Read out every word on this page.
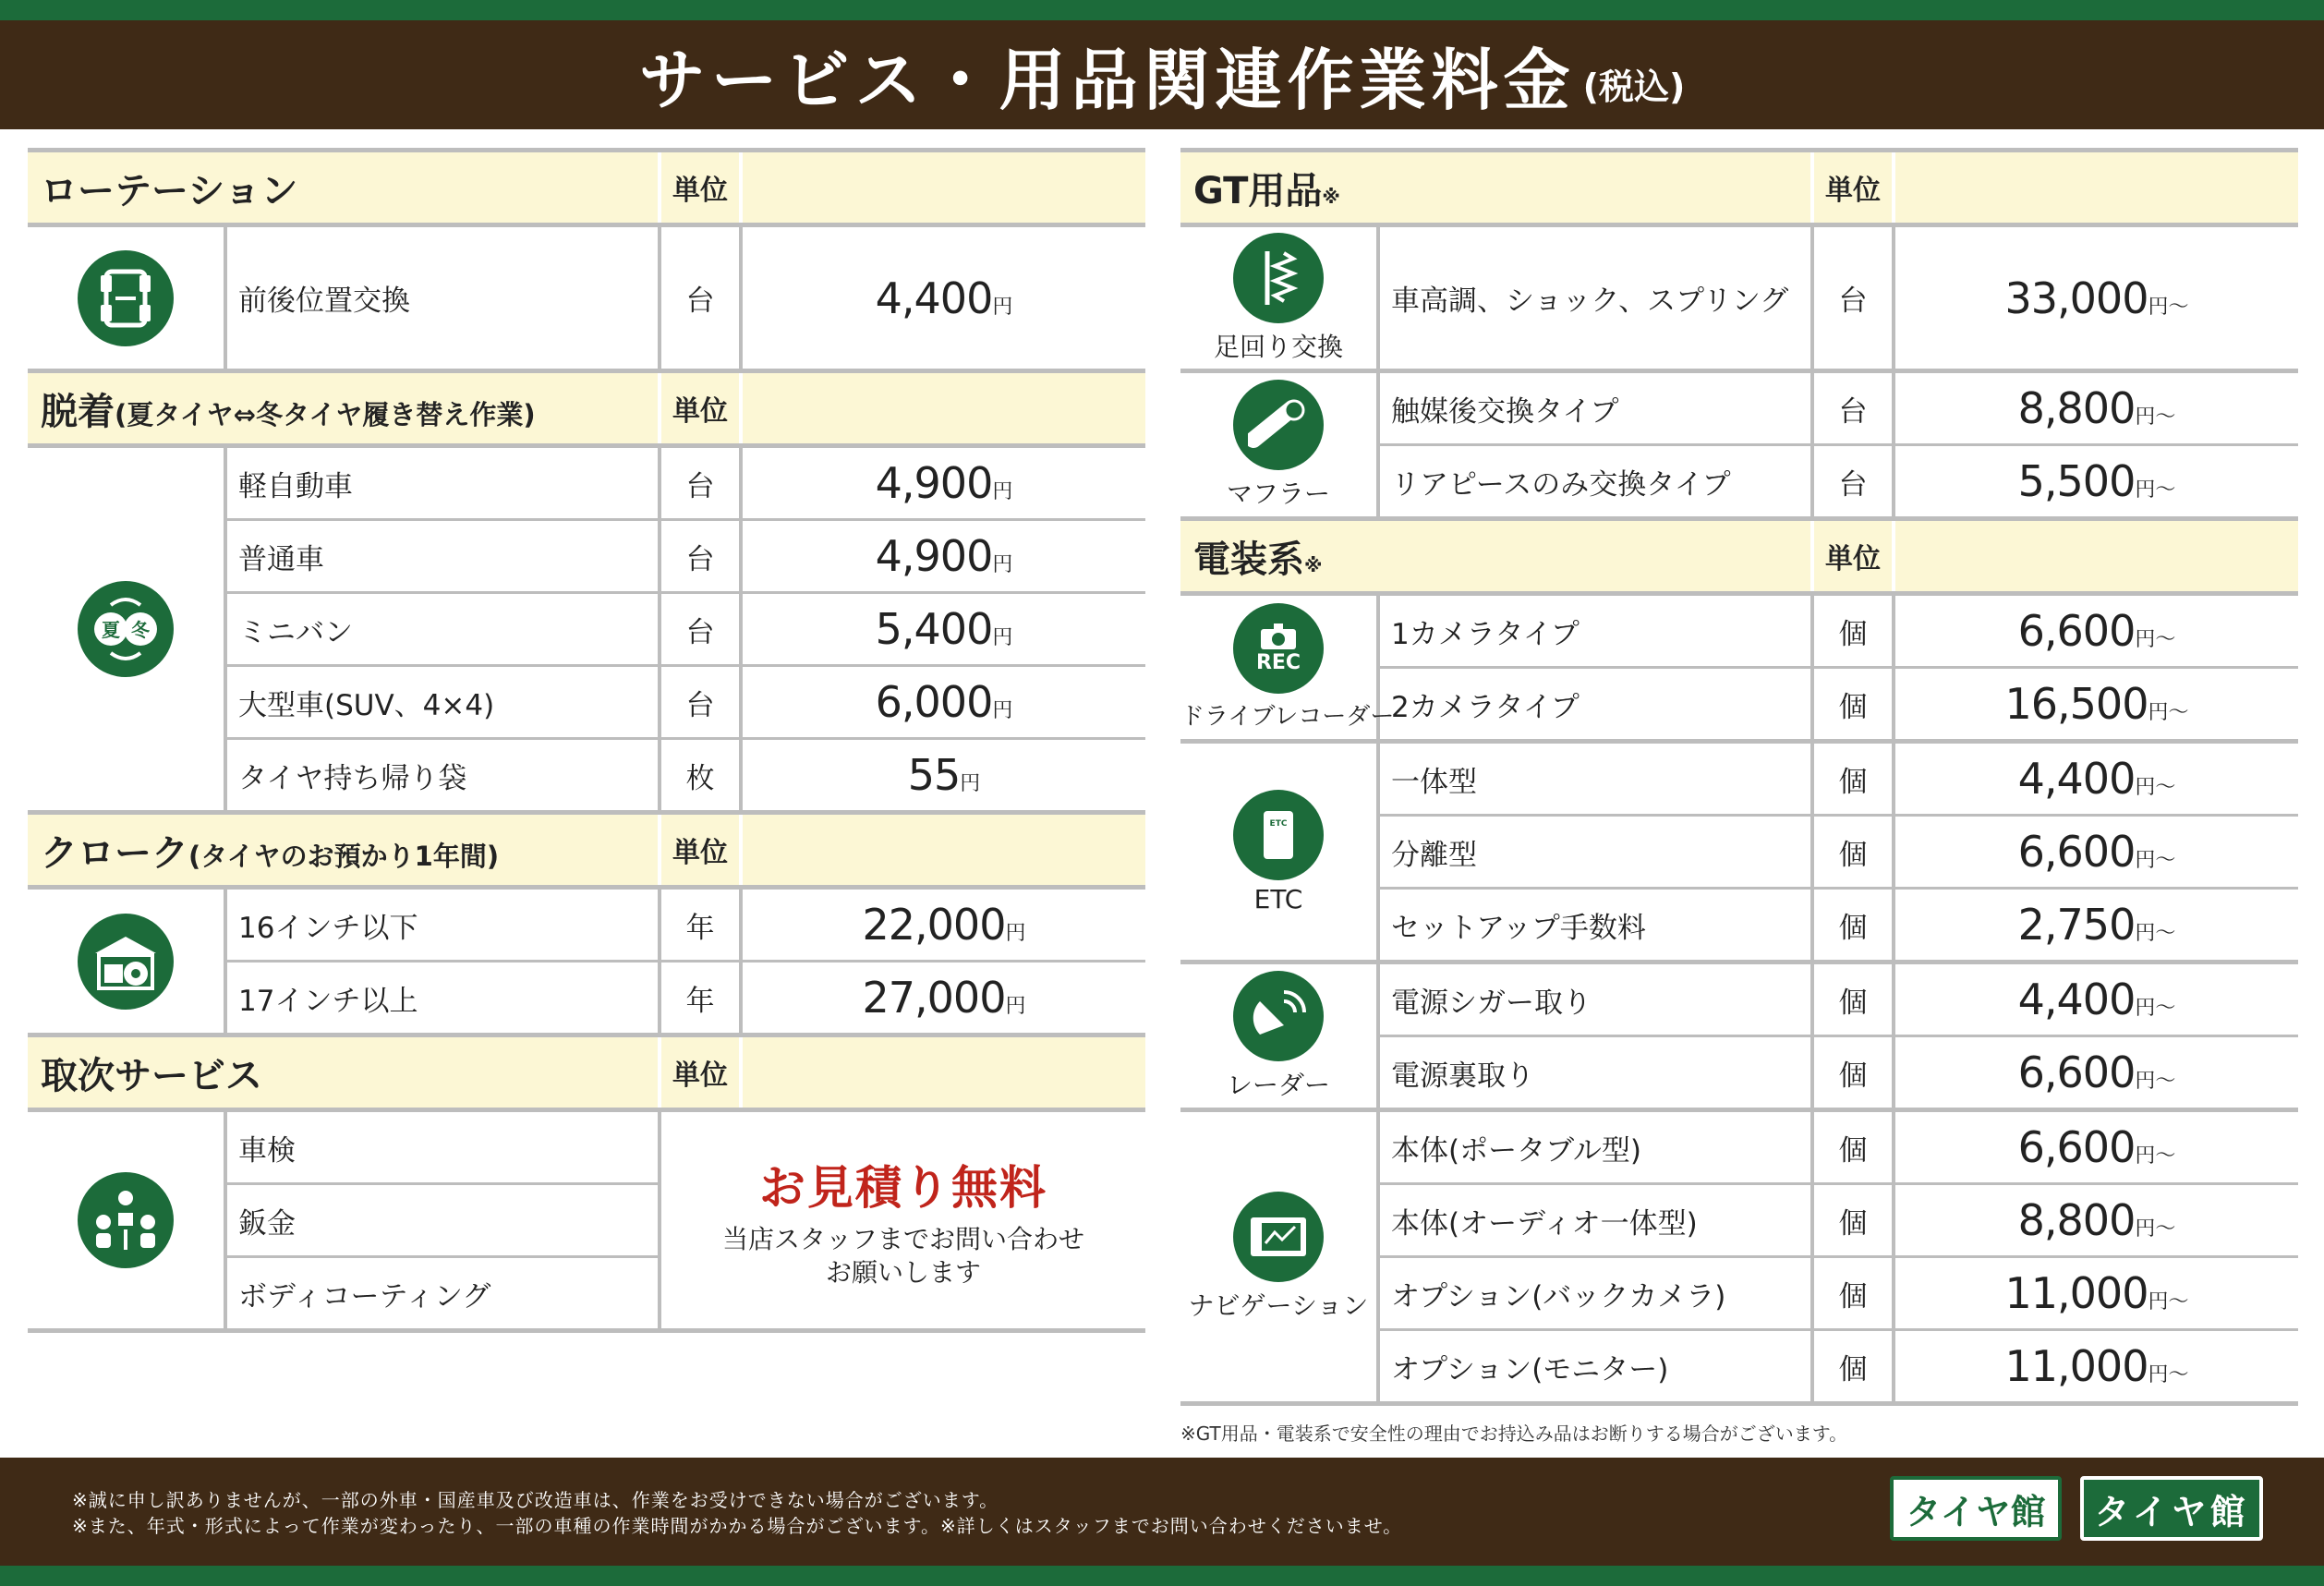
サービス・用品関連作業料金 (税込)
ローテーション		単位	

	前後位置交換	台	4,400円
脱着(夏タイヤ⇔冬タイヤ履き替え作業)		単位	

夏 冬	軽自動車	台	4,900円
	普通車	台	4,900円
	ミニバン	台	5,400円
	大型車(SUV、4×4)	台	6,000円
	タイヤ持ち帰り袋	枚	55円
クローク(タイヤのお預かり1年間)		単位	

	16インチ以下	年	22,000円
	17インチ以上	年	27,000円
取次サービス		単位	

	車検	お見積り無料
当店スタッフまでお問い合わせ
お願いします	

	鈑金		
	ボディコーティング		
GT用品※		単位	

足回り交換	車高調、ショック、スプリング	台	33,000円〜

マフラー	触媒後交換タイプ	台	8,800円〜
	リアピースのみ交換タイプ	台	5,500円〜
電装系※		単位	

REC
ドライブレコーダー	1カメラタイプ	個	6,600円〜
	2カメラタイプ	個	16,500円〜

ETC
ETC	一体型	個	4,400円〜
	分離型	個	6,600円〜
	セットアップ手数料	個	2,750円〜

レーダー	電源シガー取り	個	4,400円〜
	電源裏取り	個	6,600円〜

ナビゲーション	本体(ポータブル型)	個	6,600円〜
	本体(オーディオ一体型)	個	8,800円〜
	オプション(バックカメラ)	個	11,000円〜
	オプション(モニター)	個	11,000円〜
※GT用品・電装系で安全性の理由でお持込み品はお断りする場合がございます。
※誠に申し訳ありませんが、一部の外車・国産車及び改造車は、作業をお受けできない場合がございます。
※また、年式・形式によって作業が変わったり、一部の車種の作業時間がかかる場合がございます。※詳しくはスタッフまでお問い合わせくださいませ。	タイヤ館	タイヤ館
